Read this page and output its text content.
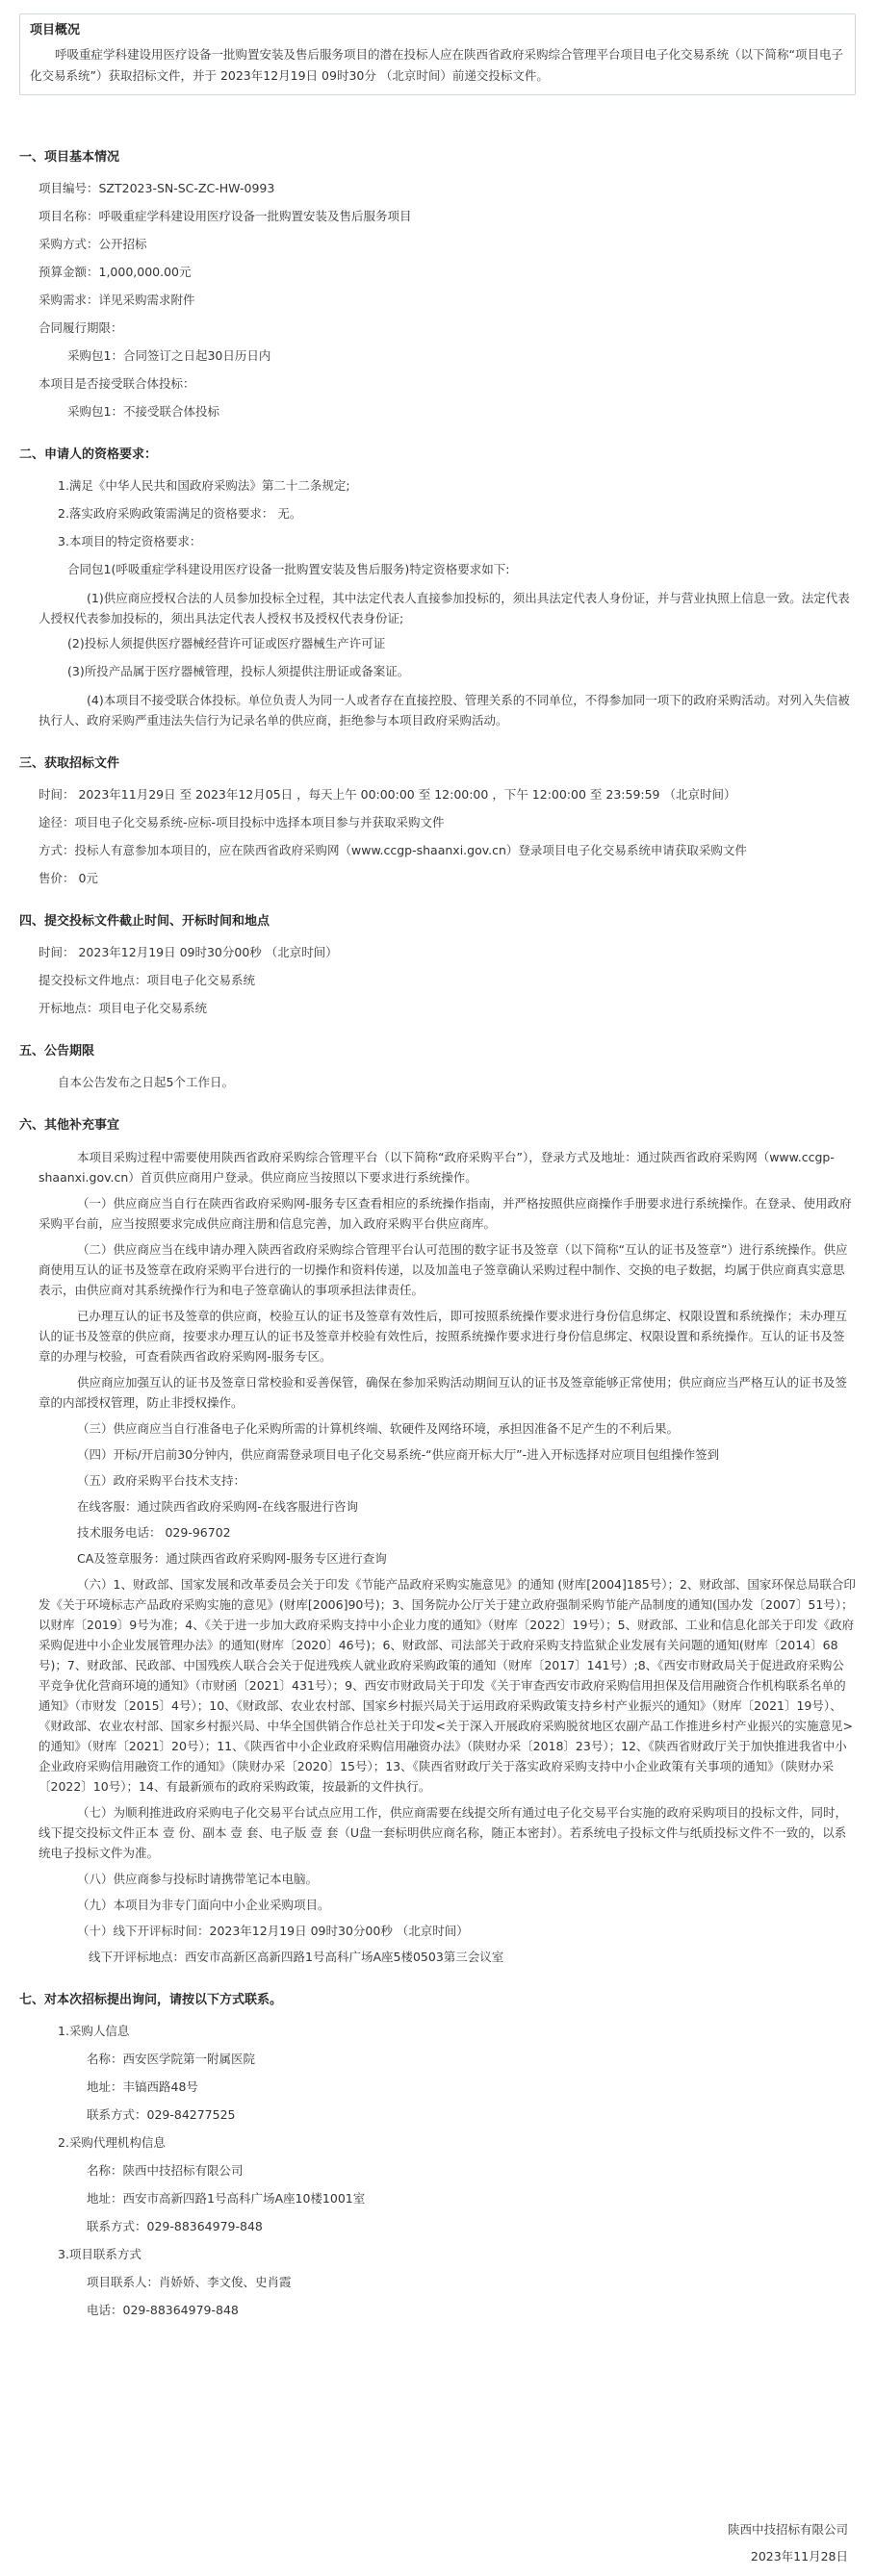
项目概况
呼吸重症学科建设用医疗设备一批购置安装及售后服务项目的潜在投标人应在陕西省政府采购综合管理平台项目电子化交易系统（以下简称“项目电子化交易系统”）获取招标文件，并于 2023年12月19日 09时30分 （北京时间）前递交投标文件。
一、项目基本情况
项目编号：SZT2023-SN-SC-ZC-HW-0993
项目名称：呼吸重症学科建设用医疗设备一批购置安装及售后服务项目
采购方式：公开招标
预算金额：1,000,000.00元
采购需求：详见采购需求附件
合同履行期限：
采购包1：合同签订之日起30日历日内
本项目是否接受联合体投标：
采购包1：不接受联合体投标
二、申请人的资格要求：
1.满足《中华人民共和国政府采购法》第二十二条规定;
2.落实政府采购政策需满足的资格要求： 无。
3.本项目的特定资格要求：
合同包1(呼吸重症学科建设用医疗设备一批购置安装及售后服务)特定资格要求如下:
(1)供应商应授权合法的人员参加投标全过程，其中法定代表人直接参加投标的，须出具法定代表人身份证，并与营业执照上信息一致。法定代表人授权代表参加投标的，须出具法定代表人授权书及授权代表身份证;
(2)投标人须提供医疗器械经营许可证或医疗器械生产许可证
(3)所投产品属于医疗器械管理，投标人须提供注册证或备案证。
(4)本项目不接受联合体投标。单位负责人为同一人或者存在直接控股、管理关系的不同单位，不得参加同一项下的政府采购活动。对列入失信被执行人、政府采购严重违法失信行为记录名单的供应商，拒绝参与本项目政府采购活动。
三、获取招标文件
时间： 2023年11月29日 至 2023年12月05日 ，每天上午 00:00:00 至 12:00:00 ，下午 12:00:00 至 23:59:59 （北京时间）
途径：项目电子化交易系统-应标-项目投标中选择本项目参与并获取采购文件
方式：投标人有意参加本项目的，应在陕西省政府采购网（www.ccgp-shaanxi.gov.cn）登录项目电子化交易系统申请获取采购文件
售价： 0元
四、提交投标文件截止时间、开标时间和地点
时间： 2023年12月19日 09时30分00秒 （北京时间）
提交投标文件地点：项目电子化交易系统
开标地点：项目电子化交易系统
五、公告期限
自本公告发布之日起5个工作日。
六、其他补充事宜
本项目采购过程中需要使用陕西省政府采购综合管理平台（以下简称“政府采购平台”），登录方式及地址：通过陕西省政府采购网（www.ccgp-shaanxi.gov.cn）首页供应商用户登录。供应商应当按照以下要求进行系统操作。
（一）供应商应当自行在陕西省政府采购网-服务专区查看相应的系统操作指南，并严格按照供应商操作手册要求进行系统操作。在登录、使用政府采购平台前，应当按照要求完成供应商注册和信息完善，加入政府采购平台供应商库。
（二）供应商应当在线申请办理入陕西省政府采购综合管理平台认可范围的数字证书及签章（以下简称“互认的证书及签章”）进行系统操作。供应商使用互认的证书及签章在政府采购平台进行的一切操作和资料传递，以及加盖电子签章确认采购过程中制作、交换的电子数据，均属于供应商真实意思表示，由供应商对其系统操作行为和电子签章确认的事项承担法律责任。
已办理互认的证书及签章的供应商，校验互认的证书及签章有效性后，即可按照系统操作要求进行身份信息绑定、权限设置和系统操作；未办理互认的证书及签章的供应商，按要求办理互认的证书及签章并校验有效性后，按照系统操作要求进行身份信息绑定、权限设置和系统操作。互认的证书及签章的办理与校验，可查看陕西省政府采购网-服务专区。
供应商应加强互认的证书及签章日常校验和妥善保管，确保在参加采购活动期间互认的证书及签章能够正常使用；供应商应当严格互认的证书及签章的内部授权管理，防止非授权操作。
（三）供应商应当自行准备电子化采购所需的计算机终端、软硬件及网络环境，承担因准备不足产生的不利后果。
（四）开标/开启前30分钟内，供应商需登录项目电子化交易系统-“供应商开标大厅”-进入开标选择对应项目包组操作签到
（五）政府采购平台技术支持：
在线客服：通过陕西省政府采购网-在线客服进行咨询
技术服务电话： 029-96702
CA及签章服务：通过陕西省政府采购网-服务专区进行查询
（六）1、财政部、国家发展和改革委员会关于印发《节能产品政府采购实施意见》的通知 (财库[2004]185号）；2、财政部、国家环保总局联合印发《关于环境标志产品政府采购实施的意见》(财库[2006]90号)；3、国务院办公厅关于建立政府强制采购节能产品制度的通知(国办发〔2007〕51号）；以财库〔2019〕9号为准；4、《关于进一步加大政府采购支持中小企业力度的通知》（财库〔2022〕19号）；5、财政部、工业和信息化部关于印发《政府采购促进中小企业发展管理办法》的通知(财库〔2020〕46号)；6、财政部、司法部关于政府采购支持监狱企业发展有关问题的通知(财库〔2014〕68号)；7、财政部、民政部、中国残疾人联合会关于促进残疾人就业政府采购政策的通知（财库〔2017〕141号）;8、《西安市财政局关于促进政府采购公平竞争优化营商环境的通知》（市财函〔2021〕431号）；9、西安市财政局关于印发《关于审查西安市政府采购信用担保及信用融资合作机构联系名单的通知》（市财发〔2015〕4号）；10、《财政部、农业农村部、国家乡村振兴局关于运用政府采购政策支持乡村产业振兴的通知》（财库〔2021〕19号）、《财政部、农业农村部、国家乡村振兴局、中华全国供销合作总社关于印发<关于深入开展政府采购脱贫地区农副产品工作推进乡村产业振兴的实施意见>的通知》（财库〔2021〕20号）；11、《陕西省中小企业政府采购信用融资办法》（陕财办采〔2018〕23号）；12、《陕西省财政厅关于加快推进我省中小企业政府采购信用融资工作的通知》（陕财办采〔2020〕15号）；13、《陕西省财政厅关于落实政府采购支持中小企业政策有关事项的通知》（陕财办采〔2022〕10号）；14、有最新颁布的政府采购政策，按最新的文件执行。
（七）为顺利推进政府采购电子化交易平台试点应用工作，供应商需要在线提交所有通过电子化交易平台实施的政府采购项目的投标文件，同时，线下提交投标文件正本 壹 份、副本 壹 套、电子版 壹 套（U盘一套标明供应商名称，随正本密封）。若系统电子投标文件与纸质投标文件不一致的，以系统电子投标文件为准。
（八）供应商参与投标时请携带笔记本电脑。
（九）本项目为非专门面向中小企业采购项目。
（十）线下开评标时间：2023年12月19日 09时30分00秒 （北京时间）
线下开评标地点：西安市高新区高新四路1号高科广场A座5楼0503第三会议室
七、对本次招标提出询问，请按以下方式联系。
1.采购人信息
名称：西安医学院第一附属医院
地址：丰镐西路48号
联系方式：029-84277525
2.采购代理机构信息
名称：陕西中技招标有限公司
地址：西安市高新四路1号高科广场A座10楼1001室
联系方式：029-88364979-848
3.项目联系方式
项目联系人：肖娇娇、李文俊、史肖霞
电话：029-88364979-848
陕西中技招标有限公司
2023年11月28日
